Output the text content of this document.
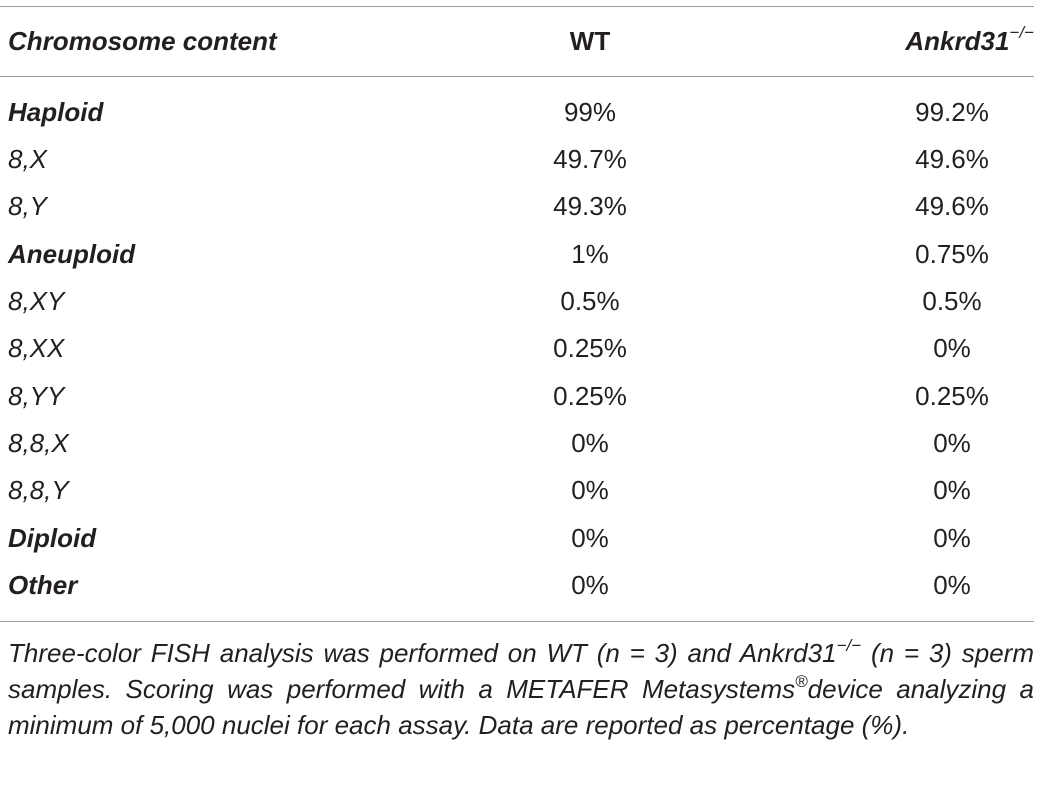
Chromosome content	WT	Ankrd31−/−
Haploid	99%	99.2%
8,X	49.7%	49.6%
8,Y	49.3%	49.6%
Aneuploid	1%	0.75%
8,XY	0.5%	0.5%
8,XX	0.25%	0%
8,YY	0.25%	0.25%
8,8,X	0%	0%
8,8,Y	0%	0%
Diploid	0%	0%
Other	0%	0%
Three-color FISH analysis was performed on WT (n = 3) and Ankrd31−/− (n = 3) sperm samples. Scoring was performed with a METAFER Metasystems®device analyzing a minimum of 5,000 nuclei for each assay. Data are reported as percentage (%).
